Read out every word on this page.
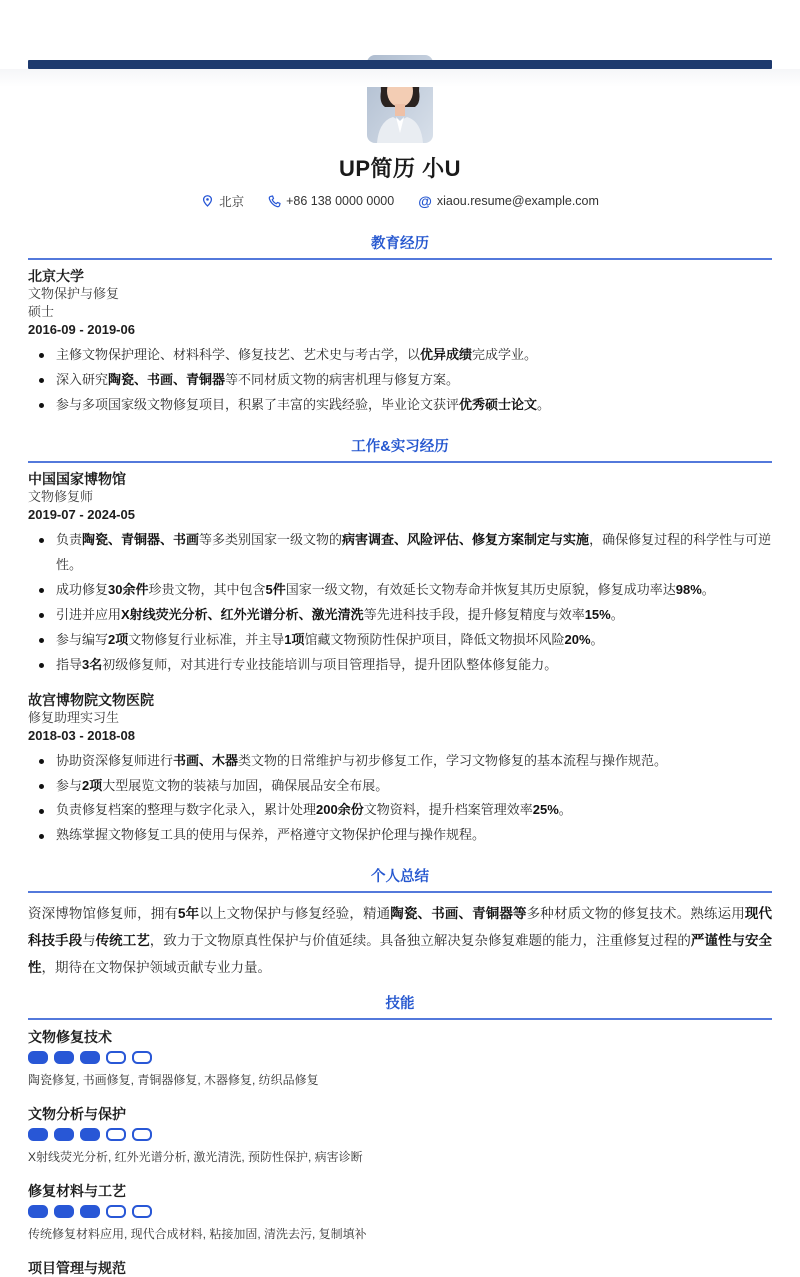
UP简历 小U
北京	+86 138 0000 0000 @ xiaou.resume@example.com
教育经历
北京大学
文物保护与修复
硕士
2016-09 - 2019-06
主修文物保护理论、材料科学、修复技艺、艺术史与考古学，以优异成绩完成学业。
深入研究陶瓷、书画、青铜器等不同材质文物的病害机理与修复方案。
参与多项国家级文物修复项目，积累了丰富的实践经验，毕业论文获评优秀硕士论文。
工作&实习经历
中国国家博物馆
文物修复师
2019-07 - 2024-05
负责陶瓷、青铜器、书画等多类别国家一级文物的病害调查、风险评估、修复方案制定与实施，确保修复过程的科学性与可逆性。
成功修复30余件珍贵文物，其中包含5件国家一级文物，有效延长文物寿命并恢复其历史原貌，修复成功率达98%。
引进并应用X射线荧光分析、红外光谱分析、激光清洗等先进科技手段，提升修复精度与效率15%。
参与编写2项文物修复行业标准，并主导1项馆藏文物预防性保护项目，降低文物损坏风险20%。
指导3名初级修复师，对其进行专业技能培训与项目管理指导，提升团队整体修复能力。
故宫博物院文物医院
修复助理实习生
2018-03 - 2018-08
协助资深修复师进行书画、木器类文物的日常维护与初步修复工作，学习文物修复的基本流程与操作规范。
参与2项大型展览文物的装裱与加固，确保展品安全布展。
负责修复档案的整理与数字化录入，累计处理200余份文物资料，提升档案管理效率25%。
熟练掌握文物修复工具的使用与保养，严格遵守文物保护伦理与操作规程。
个人总结
资深博物馆修复师，拥有5年以上文物保护与修复经验，精通陶瓷、书画、青铜器等多种材质文物的修复技术。熟练运用现代科技手段与传统工艺，致力于文物原真性保护与价值延续。具备独立解决复杂修复难题的能力，注重修复过程的严谨性与安全性，期待在文物保护领域贡献专业力量。
技能
文物修复技术
陶瓷修复, 书画修复, 青铜器修复, 木器修复, 纺织品修复
文物分析与保护
X射线荧光分析, 红外光谱分析, 激光清洗, 预防性保护, 病害诊断
修复材料与工艺
传统修复材料应用, 现代合成材料, 粘接加固, 清洗去污, 复制填补
项目管理与规范
